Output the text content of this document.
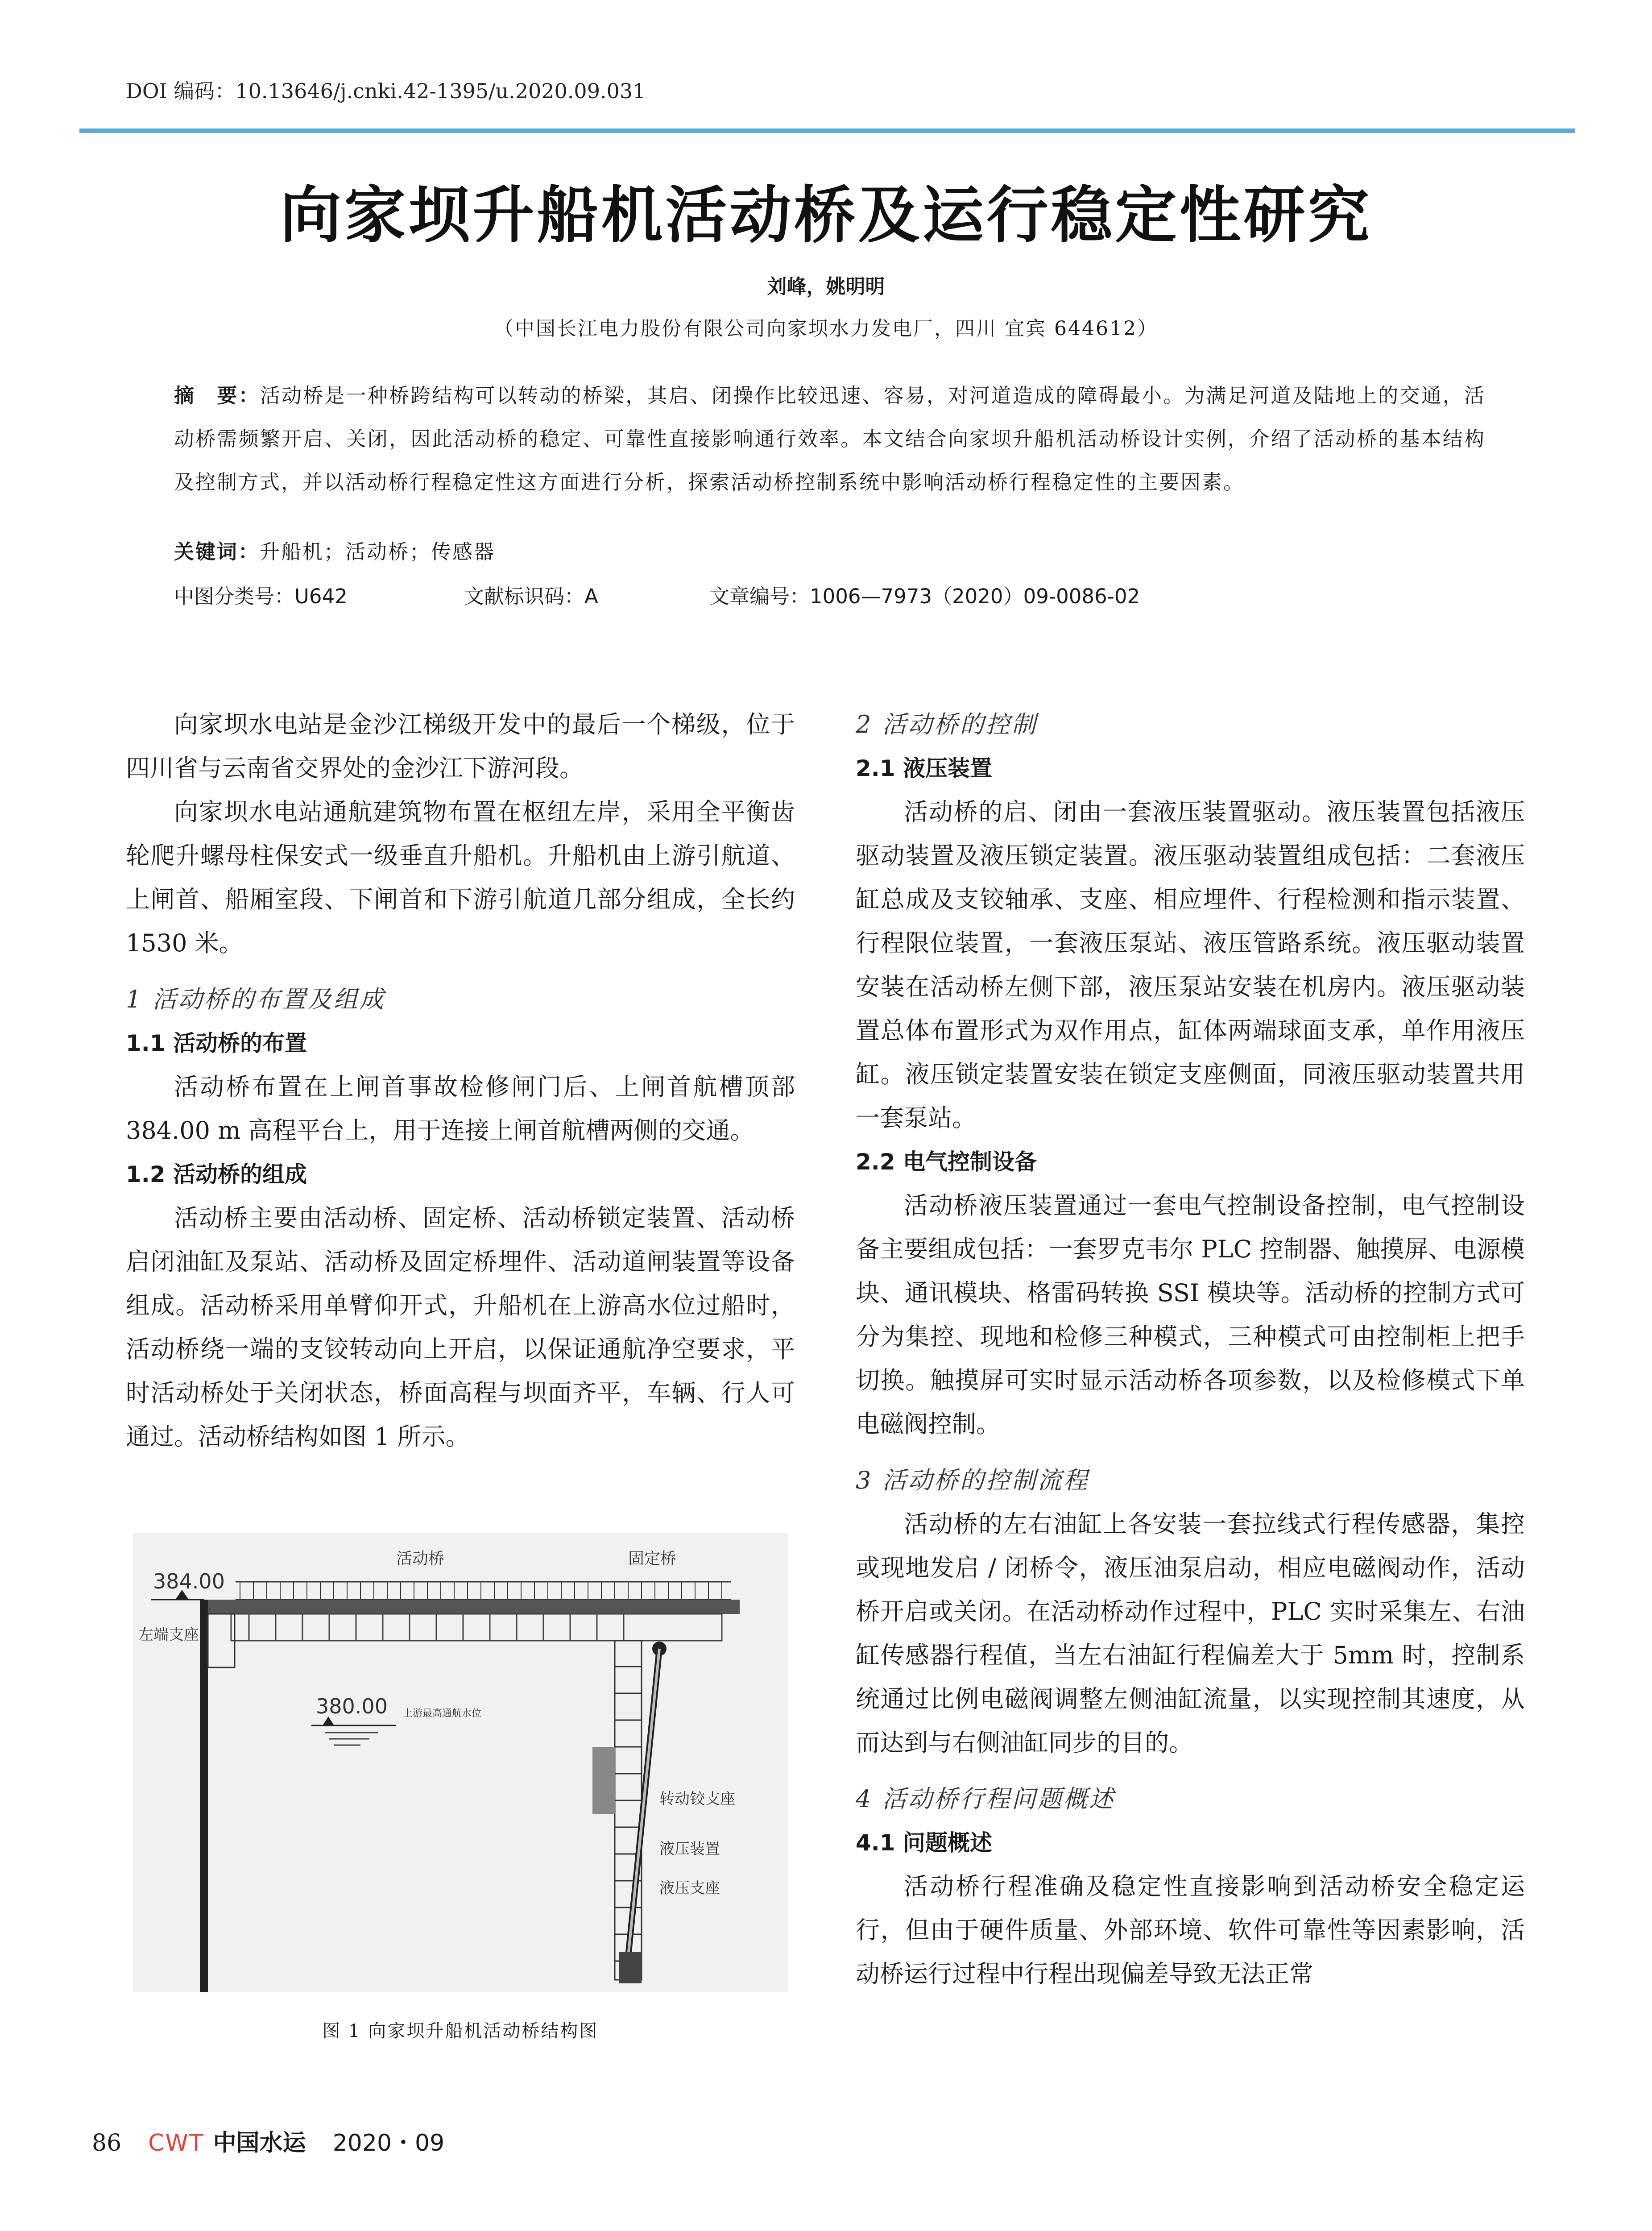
DOI 编码：10.13646/j.cnki.42-1395/u.2020.09.031
向家坝升船机活动桥及运行稳定性研究
刘峰，姚明明
（中国长江电力股份有限公司向家坝水力发电厂，四川 宜宾 644612）
摘　要：活动桥是一种桥跨结构可以转动的桥梁，其启、闭操作比较迅速、容易，对河道造成的障碍最小。为满足河道及陆地上的交通，活动桥需频繁开启、关闭，因此活动桥的稳定、可靠性直接影响通行效率。本文结合向家坝升船机活动桥设计实例，介绍了活动桥的基本结构及控制方式，并以活动桥行程稳定性这方面进行分析，探索活动桥控制系统中影响活动桥行程稳定性的主要因素。
关键词：升船机；活动桥；传感器
中图分类号：U642	文献标识码：A	文章编号：1006—7973（2020）09-0086-02

向家坝水电站是金沙江梯级开发中的最后一个梯级，位于四川省与云南省交界处的金沙江下游河段。

向家坝水电站通航建筑物布置在枢纽左岸，采用全平衡齿轮爬升螺母柱保安式一级垂直升船机。升船机由上游引航道、上闸首、船厢室段、下闸首和下游引航道几部分组成，全长约 1530 米。

1 活动桥的布置及组成
1.1 活动桥的布置

活动桥布置在上闸首事故检修闸门后、上闸首航槽顶部 384.00 m 高程平台上，用于连接上闸首航槽两侧的交通。

1.2 活动桥的组成

活动桥主要由活动桥、固定桥、活动桥锁定装置、活动桥启闭油缸及泵站、活动桥及固定桥埋件、活动道闸装置等设备组成。活动桥采用单臂仰开式，升船机在上游高水位过船时，活动桥绕一端的支铰转动向上开启，以保证通航净空要求，平时活动桥处于关闭状态，桥面高程与坝面齐平，车辆、行人可通过。活动桥结构如图 1 所示。

384.00
左端支座
活动桥	固定桥
380.00 上游最高通航水位
转动铰支座
液压装置
液压支座
图 1 向家坝升船机活动桥结构图
2 活动桥的控制
2.1 液压装置

活动桥的启、闭由一套液压装置驱动。液压装置包括液压驱动装置及液压锁定装置。液压驱动装置组成包括：二套液压缸总成及支铰轴承、支座、相应埋件、行程检测和指示装置、行程限位装置，一套液压泵站、液压管路系统。液压驱动装置安装在活动桥左侧下部，液压泵站安装在机房内。液压驱动装置总体布置形式为双作用点，缸体两端球面支承，单作用液压缸。液压锁定装置安装在锁定支座侧面，同液压驱动装置共用一套泵站。

2.2 电气控制设备

活动桥液压装置通过一套电气控制设备控制，电气控制设备主要组成包括：一套罗克韦尔 PLC 控制器、触摸屏、电源模块、通讯模块、格雷码转换 SSI 模块等。活动桥的控制方式可分为集控、现地和检修三种模式，三种模式可由控制柜上把手切换。触摸屏可实时显示活动桥各项参数，以及检修模式下单电磁阀控制。

3 活动桥的控制流程

活动桥的左右油缸上各安装一套拉线式行程传感器，集控或现地发启 / 闭桥令，液压油泵启动，相应电磁阀动作，活动桥开启或关闭。在活动桥动作过程中，PLC 实时采集左、右油缸传感器行程值，当左右油缸行程偏差大于 5mm 时，控制系统通过比例电磁阀调整左侧油缸流量，以实现控制其速度，从而达到与右侧油缸同步的目的。

4 活动桥行程问题概述
4.1 问题概述

活动桥行程准确及稳定性直接影响到活动桥安全稳定运行，但由于硬件质量、外部环境、软件可靠性等因素影响，活动桥运行过程中行程出现偏差导致无法正常

86 CWT 中国水运 2020・09
